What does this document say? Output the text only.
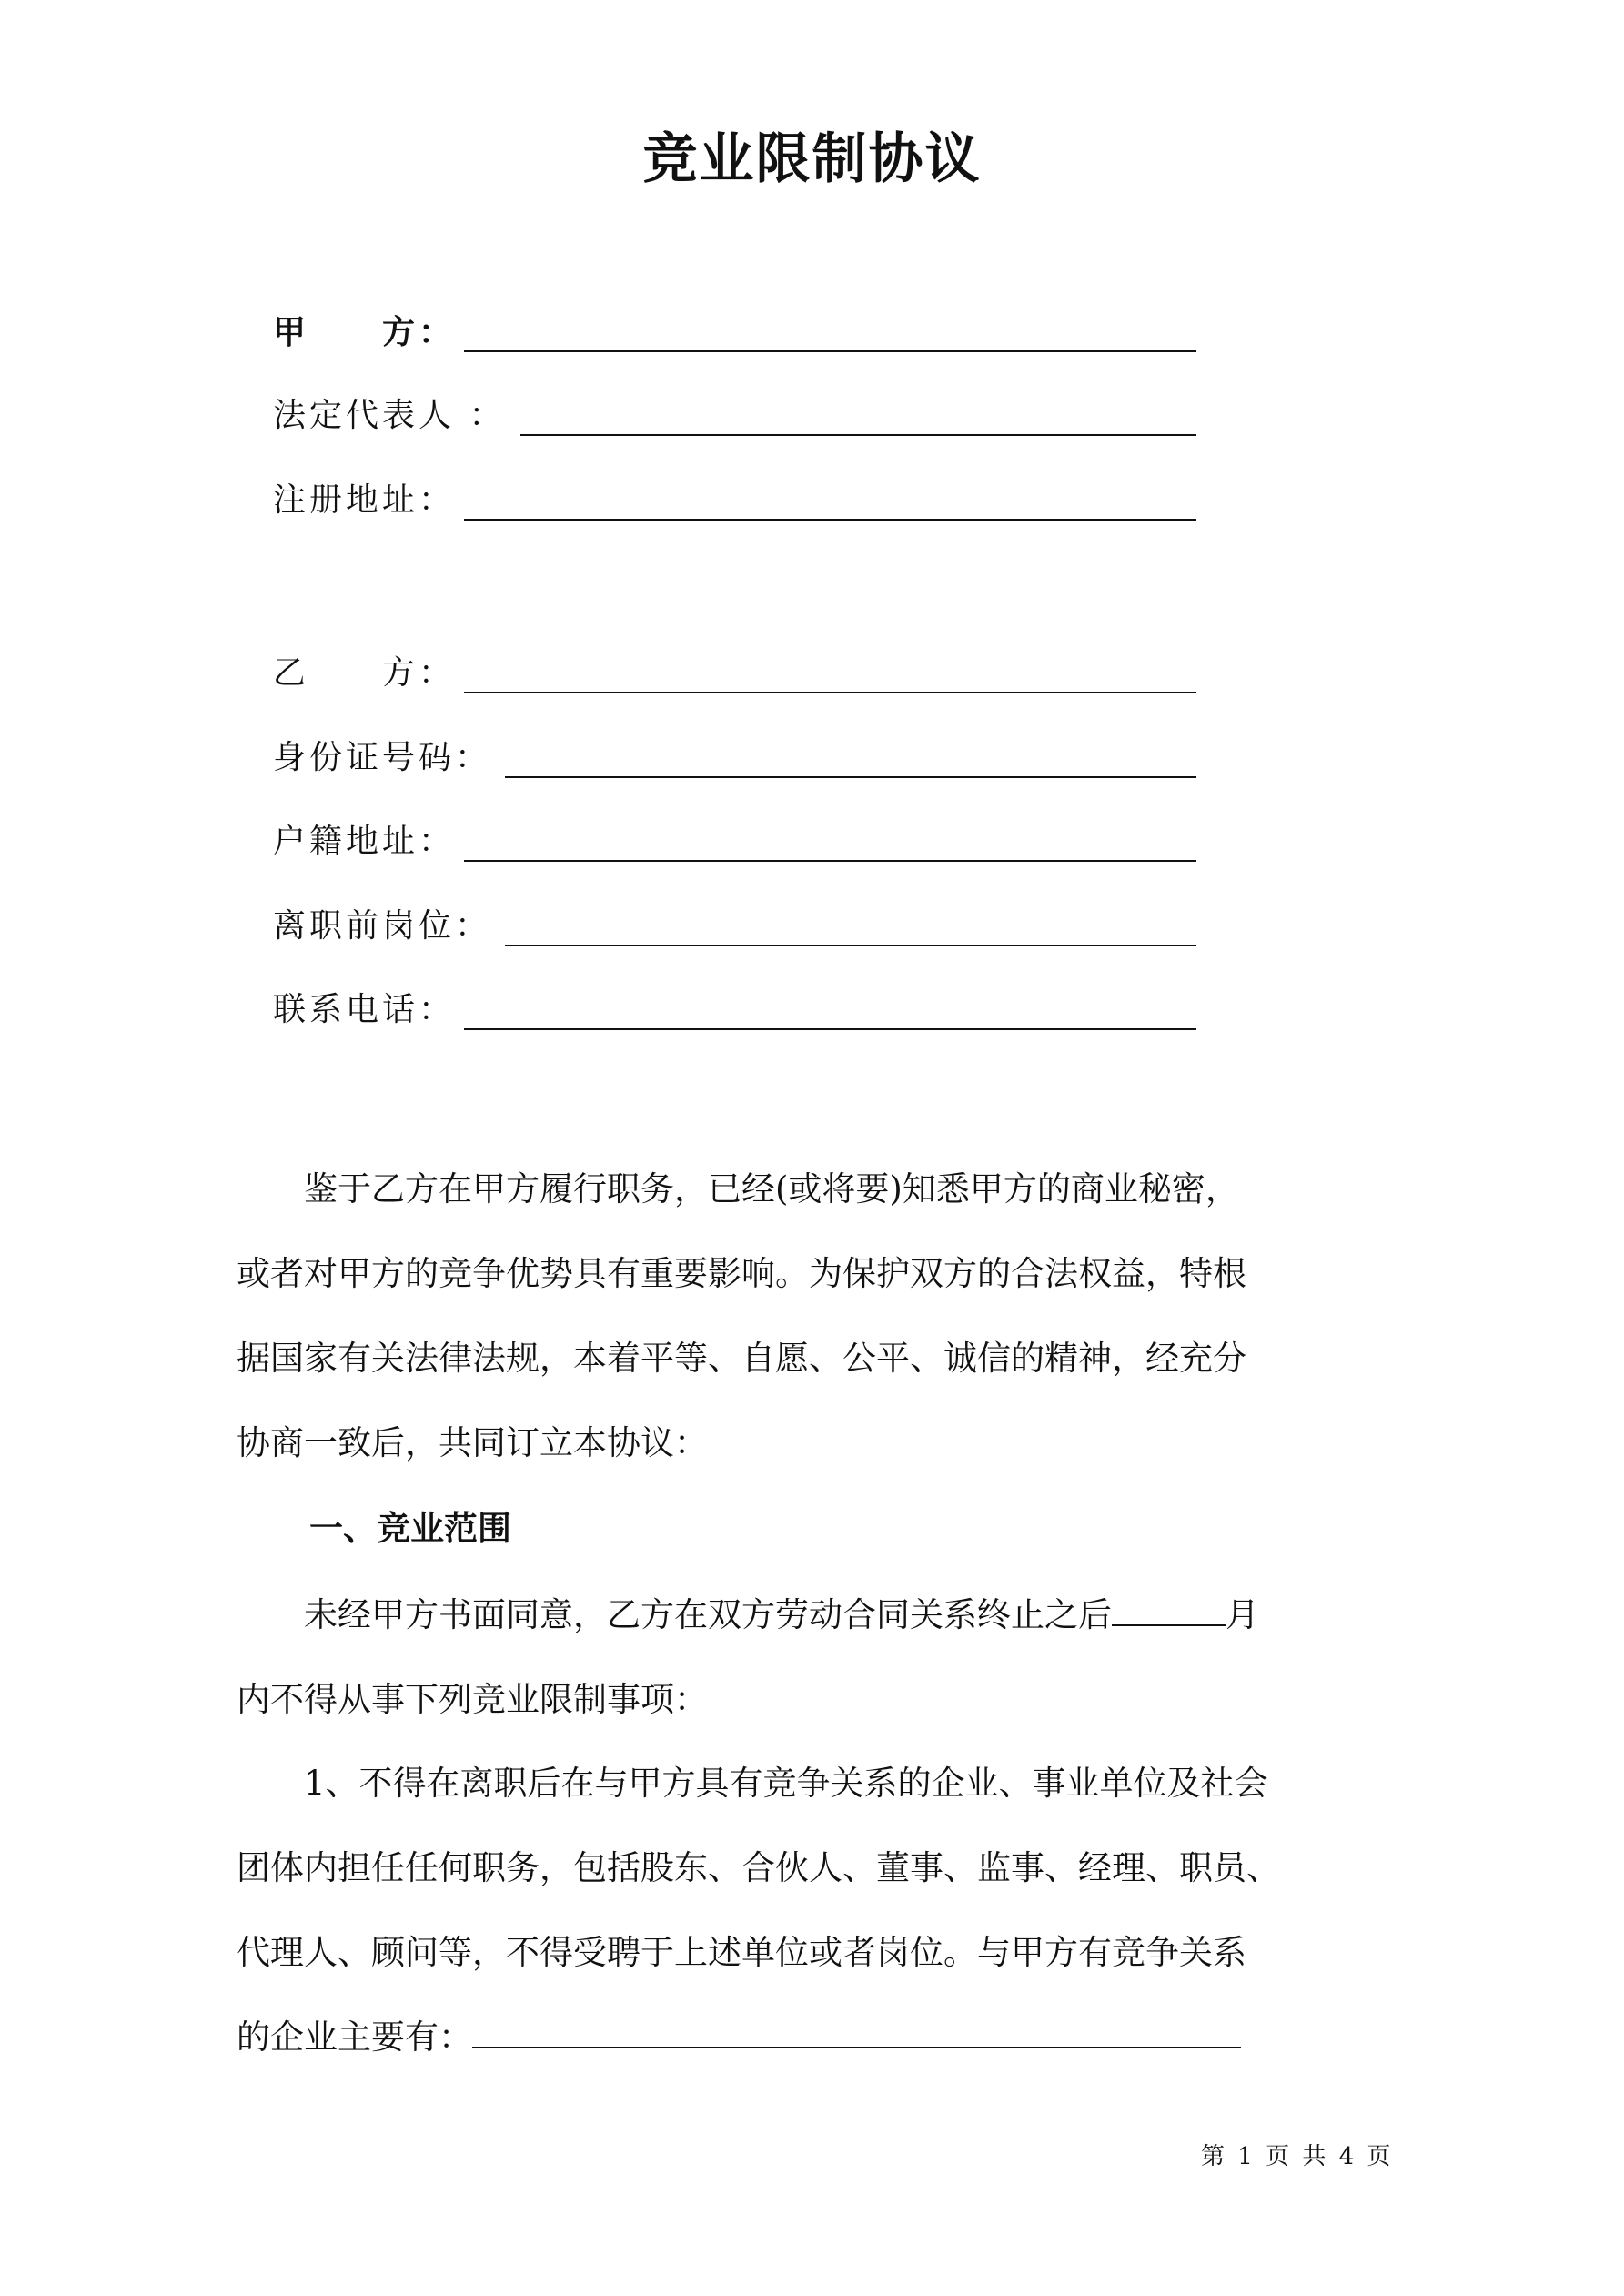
竞业限制协议
甲　　方：
法定代表人 ：
注册地址：
乙　　方：
身份证号码：
户籍地址：
离职前岗位：
联系电话：
　　鉴于乙方在甲方履行职务，已经(或将要)知悉甲方的商业秘密，
或者对甲方的竞争优势具有重要影响。为保护双方的合法权益，特根
据国家有关法律法规，本着平等、自愿、公平、诚信的精神，经充分
协商一致后，共同订立本协议：
一、竞业范围
　　未经甲方书面同意，乙方在双方劳动合同关系终止之后	月
内不得从事下列竞业限制事项：
　　1、不得在离职后在与甲方具有竞争关系的企业、事业单位及社会
团体内担任任何职务，包括股东、合伙人、董事、监事、经理、职员、
代理人、顾问等，不得受聘于上述单位或者岗位。与甲方有竞争关系
的企业主要有：
第 1 页 共 4 页
